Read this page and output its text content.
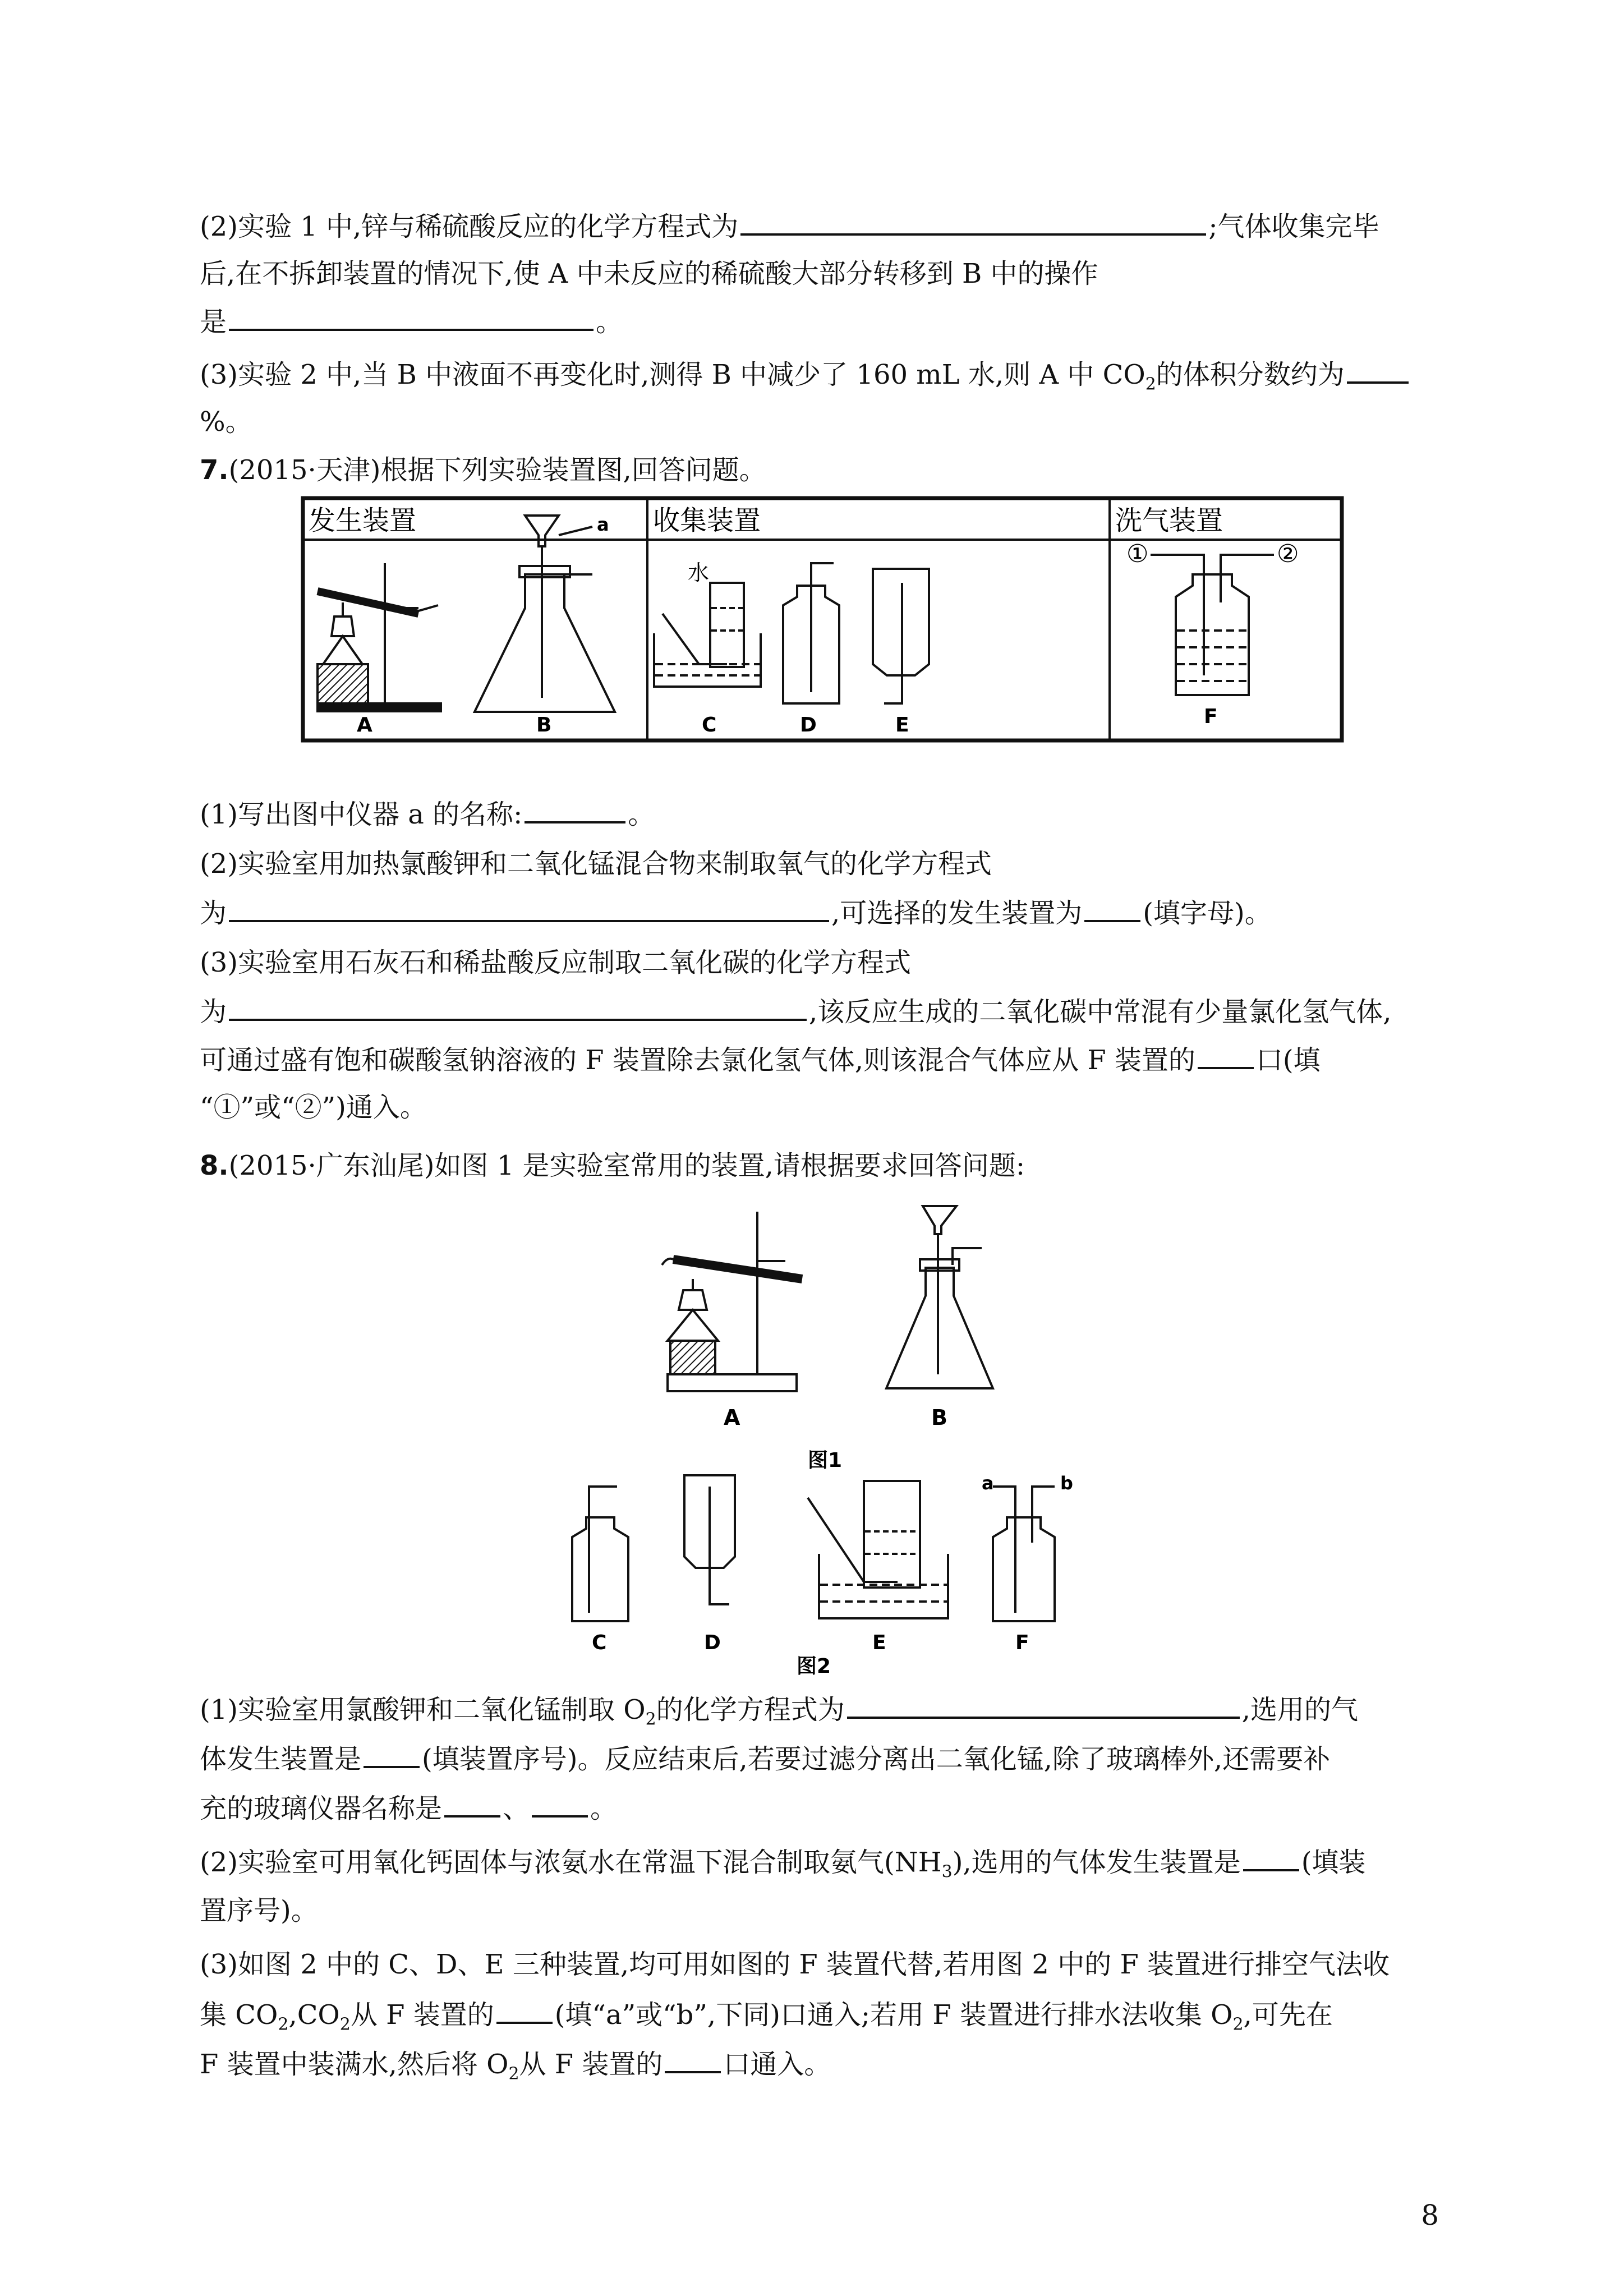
(2)实验 1 中,锌与稀硫酸反应的化学方程式为	;气体收集完毕

后,在不拆卸装置的情况下,使 A 中未反应的稀硫酸大部分转移到 B 中的操作

是	。

(3)实验 2 中,当 B 中液面不再变化时,测得 B 中减少了 160 mL 水,则 A 中 $CO_2$的体积分数约为

%。

7.(2015·天津)根据下列实验装置图,回答问题。

发生装置	收集装置	洗气装置
A
a
B
水
C	D	E
①	②
F

(1)写出图中仪器 a 的名称:	。

(2)实验室用加热氯酸钾和二氧化锰混合物来制取氧气的化学方程式

为	,可选择的发生装置为 (填字母)。

(3)实验室用石灰石和稀盐酸反应制取二氧化碳的化学方程式

为	,该反应生成的二氧化碳中常混有少量氯化氢气体,

可通过盛有饱和碳酸氢钠溶液的 F 装置除去氯化氢气体,则该混合气体应从 F 装置的 口(填

“①”或“②”)通入。

8.(2015·广东汕尾)如图 1 是实验室常用的装置,请根据要求回答问题:

A	B
图1
C	D	E
a	b
F
图2

(1)实验室用氯酸钾和二氧化锰制取 $O_2$的化学方程式为	,选用的气

体发生装置是 (填装置序号)。反应结束后,若要过滤分离出二氧化锰,除了玻璃棒外,还需要补

充的玻璃仪器名称是 、 。

(2)实验室可用氧化钙固体与浓氨水在常温下混合制取氨气$(NH_3)$,选用的气体发生装置是 (填装

置序号)。

(3)如图 2 中的 C、D、E 三种装置,均可用如图的 F 装置代替,若用图 2 中的 F 装置进行排空气法收

集 $CO_2,CO_2$从 F 装置的 (填“a”或“b”,下同)口通入;若用 F 装置进行排水法收集 $O_2$,可先在

F 装置中装满水,然后将 $O_2$从 F 装置的 口通入。

8
